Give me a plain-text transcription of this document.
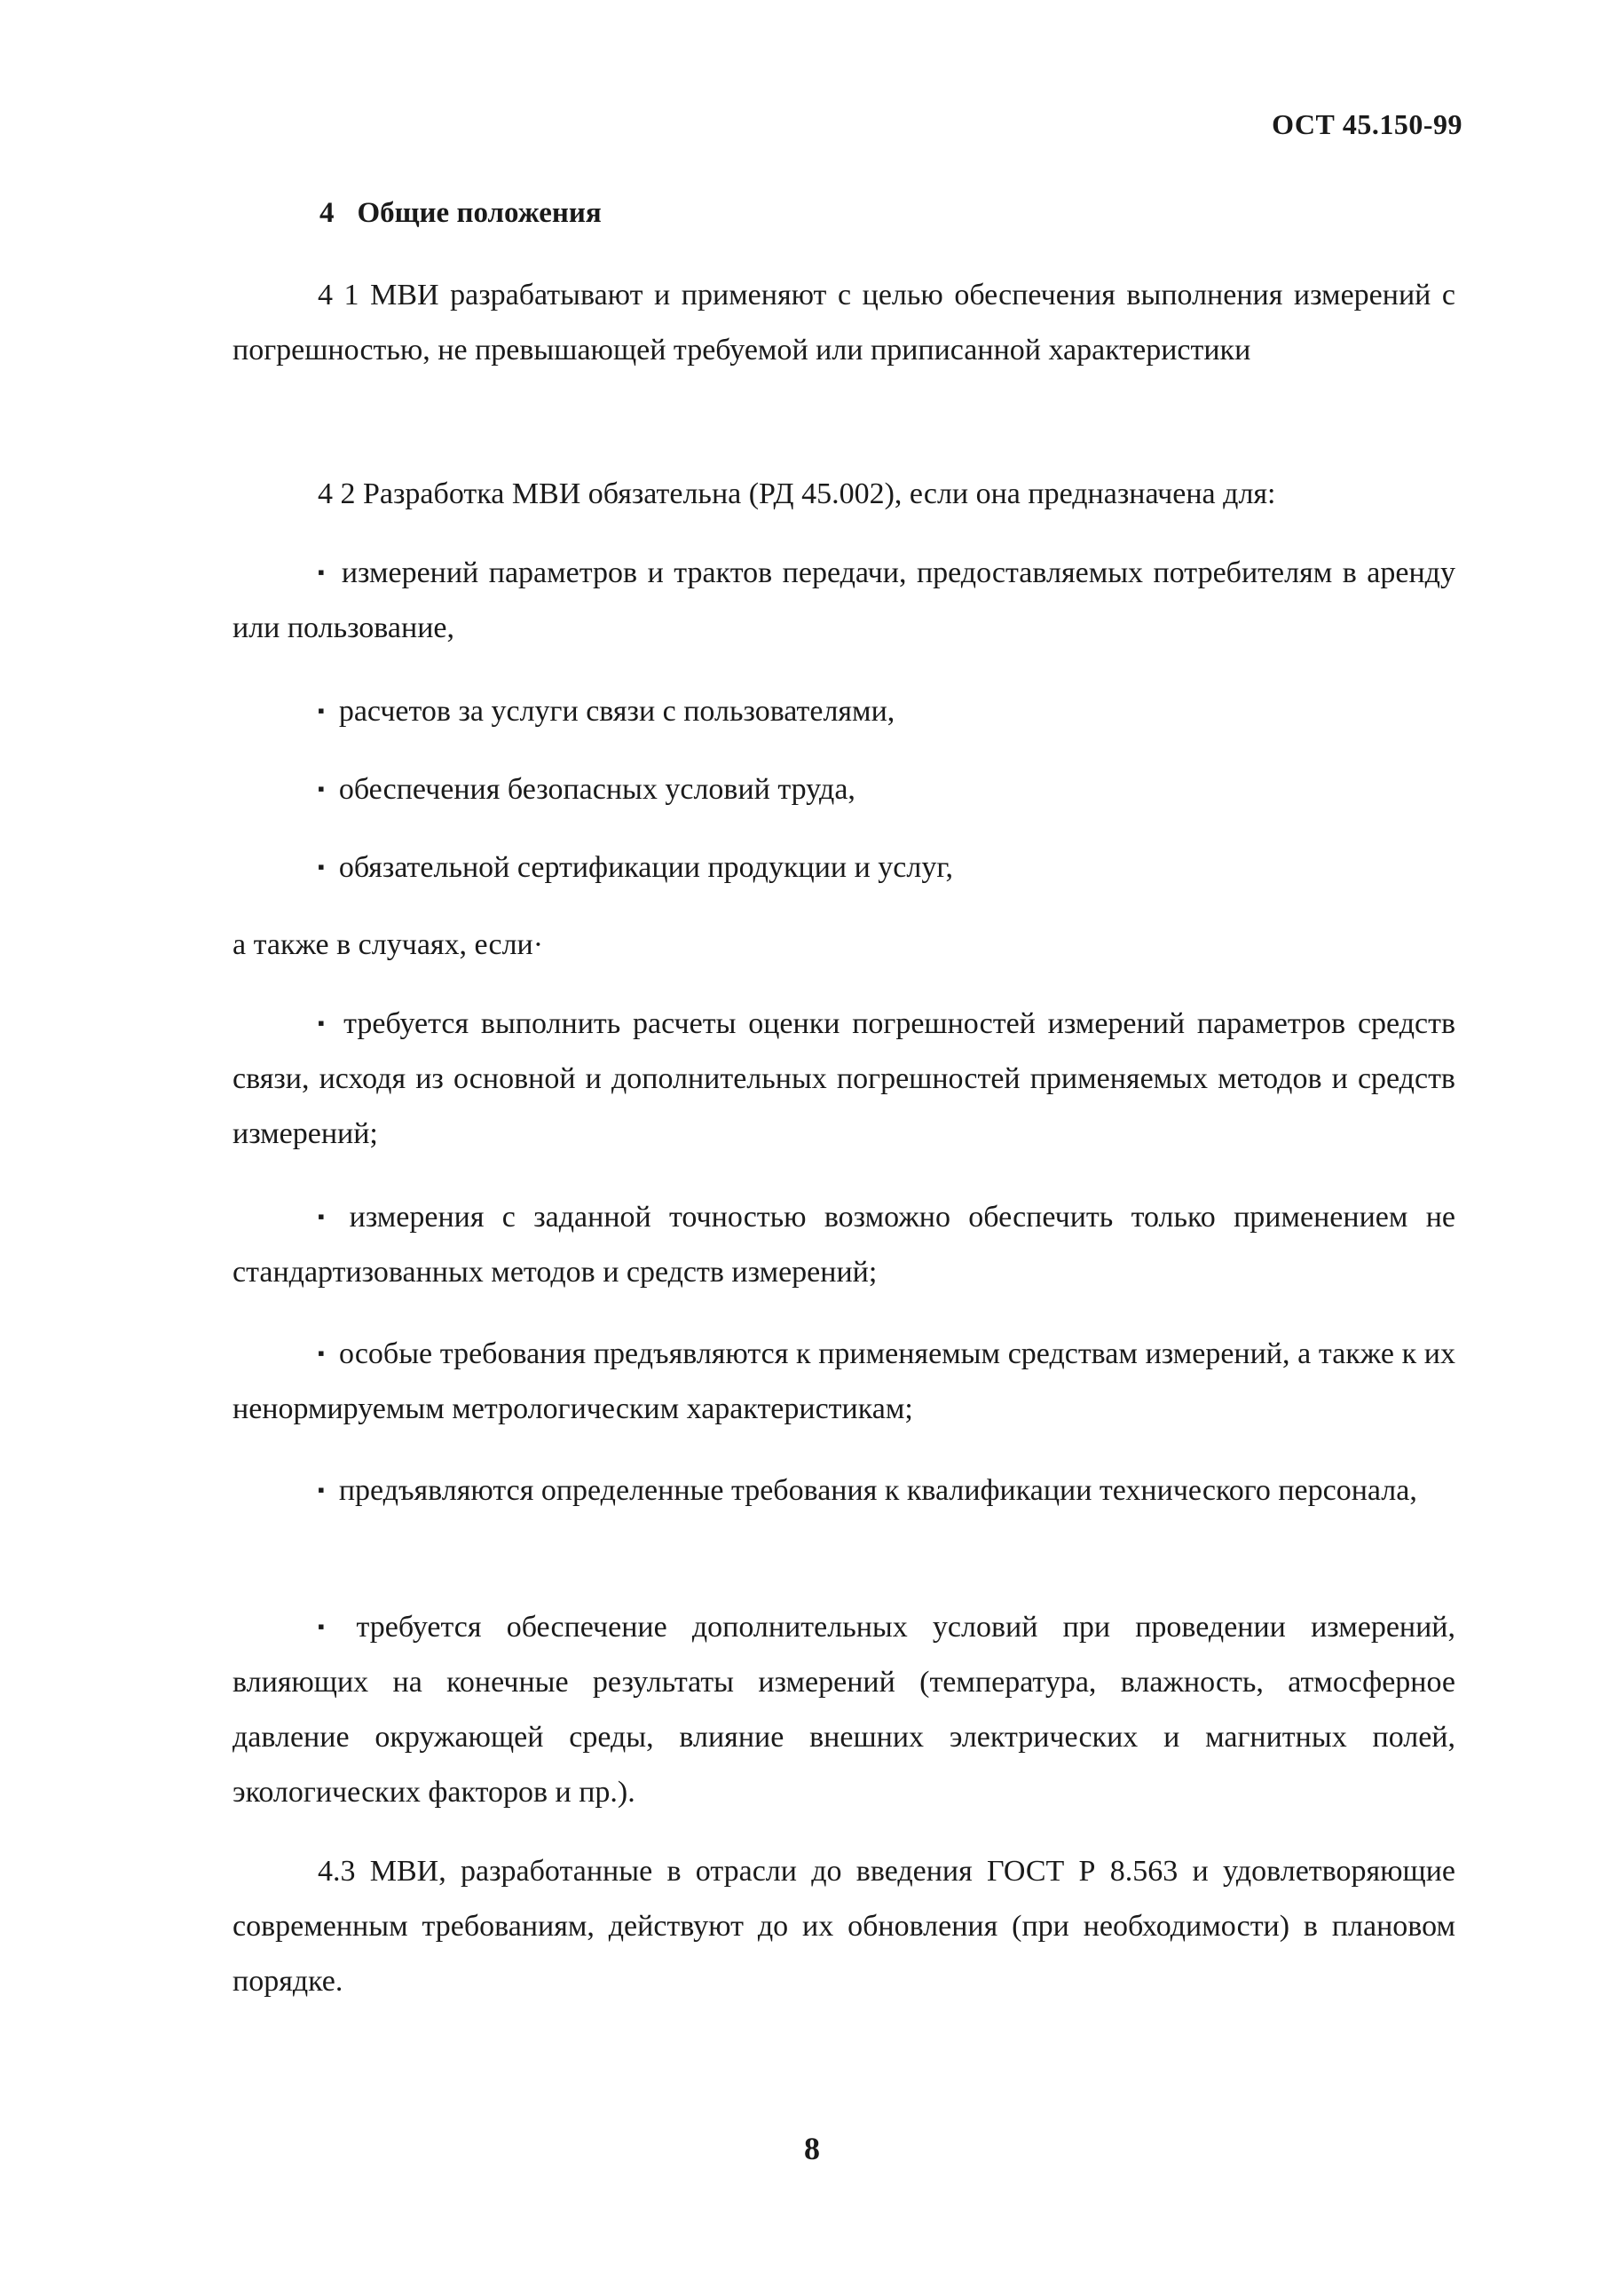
ОСТ 45.150-99
4 Общие положения

4 1 МВИ разрабатывают и применяют с целью обеспечения выполнения измерений с погрешностью, не превышающей требуемой или приписанной характеристики

4 2 Разработка МВИ обязательна (РД 45.002), если она предназначена для:

▪ измерений параметров и трактов передачи, предоставляемых потребителям в аренду или пользование,

▪ расчетов за услуги связи с пользователями,

▪ обеспечения безопасных условий труда,

▪ обязательной сертификации продукции и услуг,

а также в случаях, если·

▪ требуется выполнить расчеты оценки погрешностей измерений параметров средств связи, исходя из основной и дополнительных погрешностей применяемых методов и средств измерений;

▪ измерения с заданной точностью возможно обеспечить только применением не стандартизованных методов и средств измерений;

▪ особые требования предъявляются к применяемым средствам измерений, а также к их ненормируемым метрологическим характеристикам;

▪ предъявляются определенные требования к квалификации технического персонала,

▪ требуется обеспечение дополнительных условий при проведении измерений, влияющих на конечные результаты измерений (температура, влажность, атмосферное давление окружающей среды, влияние внешних электрических и магнитных полей, экологических факторов и пр.).

4.3 МВИ, разработанные в отрасли до введения ГОСТ Р 8.563 и удовлетворяющие современным требованиям, действуют до их обновления (при необходимости) в плановом порядке.

8
